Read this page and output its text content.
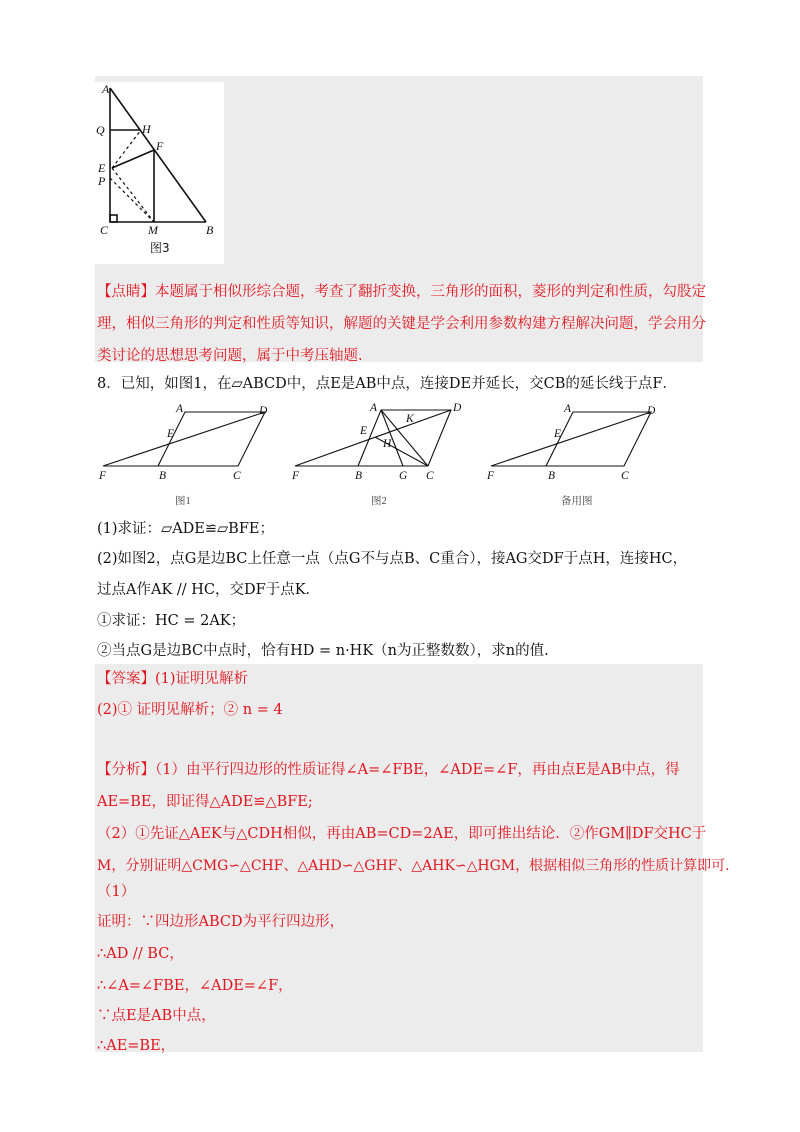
A
Q	H
F
E
P
C	M	B
图3
【点睛】本题属于相似形综合题，考查了翻折变换，三角形的面积，菱形的判定和性质，勾股定
理，相似三角形的判定和性质等知识，解题的关键是学会利用参数构建方程解决问题，学会用分
类讨论的思想思考问题，属于中考压轴题.
8．已知，如图1，在▱ABCD中，点E是AB中点，连接DE并延长，交CB的延长线于点F．
A	D
E
F	B	C
A	D
K
E
H
F	B	G C
A	D
E
F	B	C
图1	图2	备用图
(1)求证：▱ADE≌▱BFE；
(2)如图2，点G是边BC上任意一点（点G不与点B、C重合），接AG交DF于点H，连接HC，
过点A作AK // HC，交DF于点K．
①求证：HC = 2AK；
②当点G是边BC中点时，恰有HD = n·HK（n为正整数数），求n的值.
【答案】(1)证明见解析
(2)① 证明见解析；② n = 4
【分析】（1）由平行四边形的性质证得∠A=∠FBE，∠ADE=∠F，再由点E是AB中点，得
AE=BE，即证得△ADE≌△BFE;
（2）①先证△AEK与△CDH相似，再由AB=CD=2AE，即可推出结论．②作GM∥DF交HC于
M，分别证明△CMG∽△CHF、△AHD∽△GHF、△AHK∽△HGM，根据相似三角形的性质计算即可.
（1）
证明：∵四边形ABCD为平行四边形，
∴AD // BC，
∴∠A=∠FBE，∠ADE=∠F，
∵点E是AB中点，
∴AE=BE，
